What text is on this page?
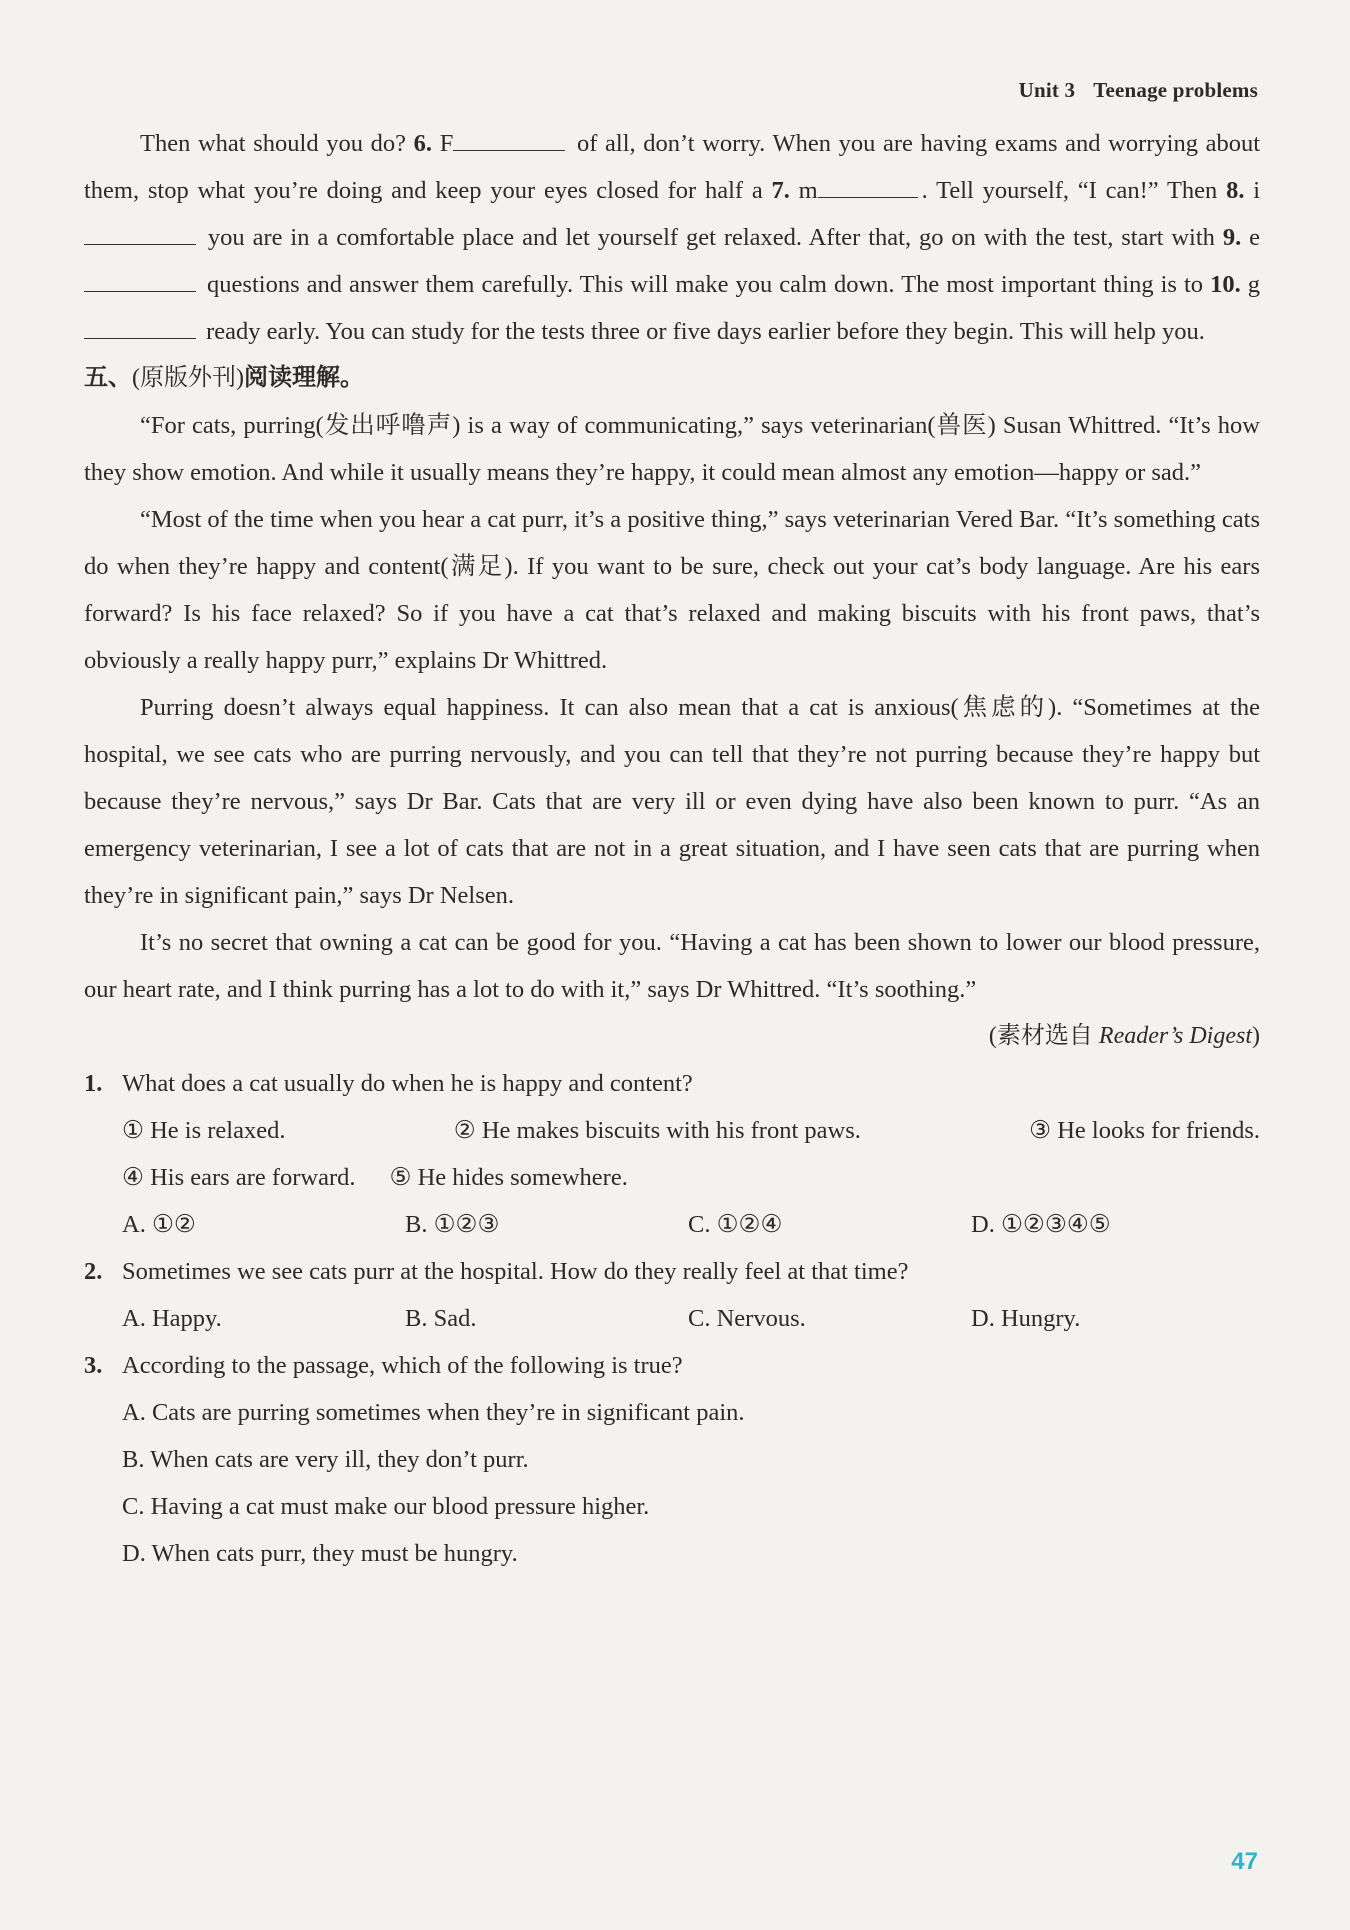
Unit 3 Teenage problems

Then what should you do? 6. F	of all, don’t worry. When you are having exams and worrying about them, stop what you’re doing and keep your eyes closed for half a 7. m	. Tell yourself, “I can!” Then 8. i you are in a comfortable place and let yourself get relaxed. After that, go on with the test, start with 9. e questions and answer them carefully. This will make you calm down. The most important thing is to 10. g ready early. You can study for the tests three or five days earlier before they begin. This will help you.

五、(原版外刊)阅读理解。

“For cats, purring(发出呼噜声) is a way of communicating,” says veterinarian(兽医) Susan Whittred. “It’s how they show emotion. And while it usually means they’re happy, it could mean almost any emotion—happy or sad.”

“Most of the time when you hear a cat purr, it’s a positive thing,” says veterinarian Vered Bar. “It’s something cats do when they’re happy and content(满足). If you want to be sure, check out your cat’s body language. Are his ears forward? Is his face relaxed? So if you have a cat that’s relaxed and making biscuits with his front paws, that’s obviously a really happy purr,” explains Dr Whittred.

Purring doesn’t always equal happiness. It can also mean that a cat is anxious(焦虑的). “Sometimes at the hospital, we see cats who are purring nervously, and you can tell that they’re not purring because they’re happy but because they’re nervous,” says Dr Bar. Cats that are very ill or even dying have also been known to purr. “As an emergency veterinarian, I see a lot of cats that are not in a great situation, and I have seen cats that are purring when they’re in significant pain,” says Dr Nelsen.

It’s no secret that owning a cat can be good for you. “Having a cat has been shown to lower our blood pressure, our heart rate, and I think purring has a lot to do with it,” says Dr Whittred. “It’s soothing.”

(素材选自 Reader’s Digest)
1. What does a cat usually do when he is happy and content?
① He is relaxed.	② He makes biscuits with his front paws.	③ He looks for friends.
④ His ears are forward. ⑤ He hides somewhere.
A. ①②	B. ①②③	C. ①②④	D. ①②③④⑤
2. Sometimes we see cats purr at the hospital. How do they really feel at that time?
A. Happy.	B. Sad.	C. Nervous.	D. Hungry.
3. According to the passage, which of the following is true?
A. Cats are purring sometimes when they’re in significant pain.
B. When cats are very ill, they don’t purr.
C. Having a cat must make our blood pressure higher.
D. When cats purr, they must be hungry.
47
